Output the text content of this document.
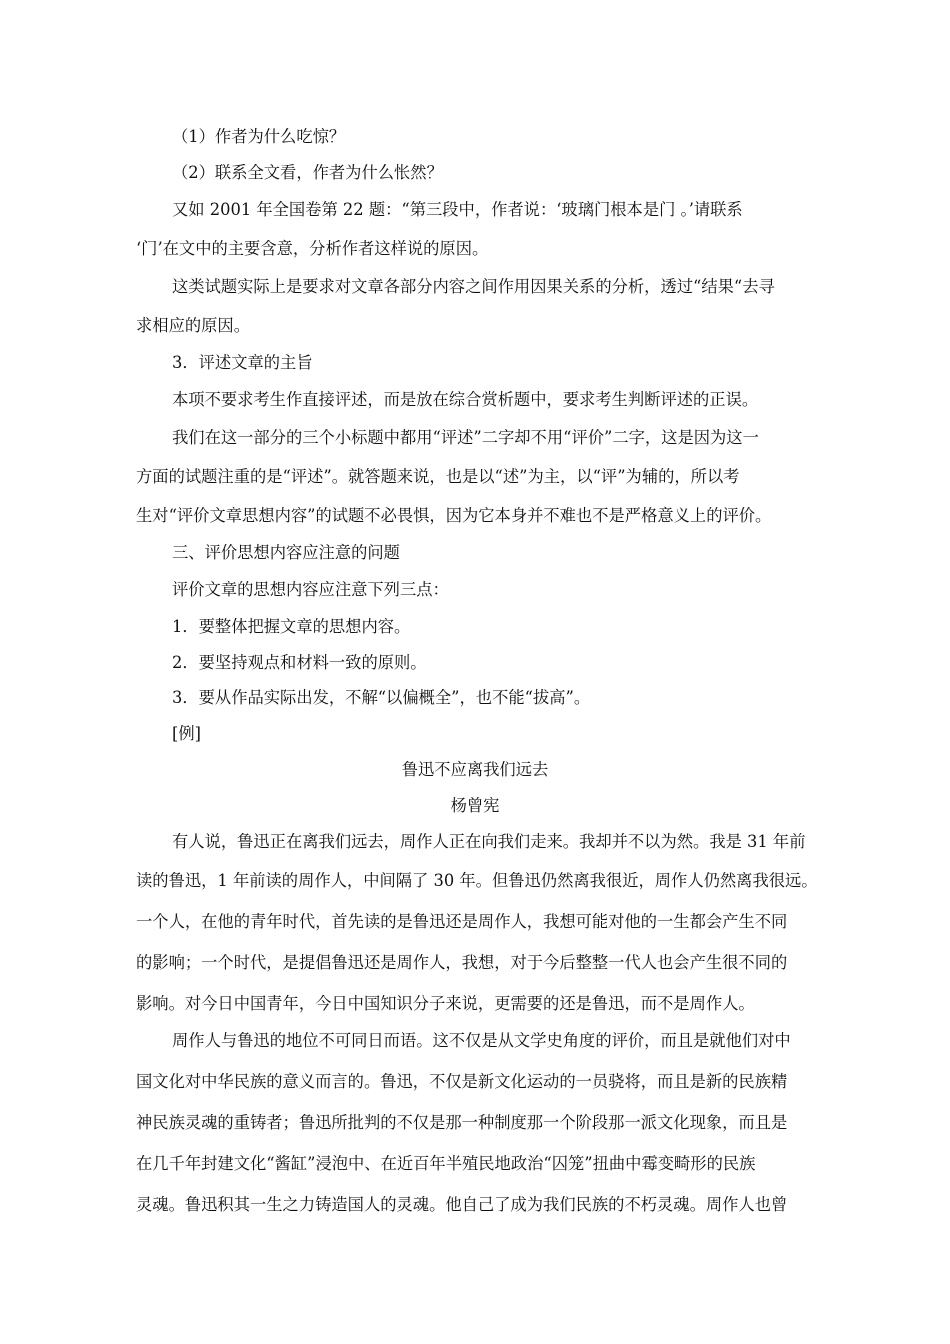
（1）作者为什么吃惊？
（2）联系全文看，作者为什么怅然？
又如 2001 年全国卷第 22 题：“第三段中，作者说：‘玻璃门根本是门 。’请联系
‘门’在文中的主要含意，分析作者这样说的原因。
这类试题实际上是要求对文章各部分内容之间作用因果关系的分析，透过“结果“去寻
求相应的原因。
3．评述文章的主旨
本项不要求考生作直接评述，而是放在综合赏析题中，要求考生判断评述的正误。
我们在这一部分的三个小标题中都用“评述”二字却不用“评价”二字，这是因为这一
方面的试题注重的是“评述”。就答题来说，也是以“述”为主，以“评”为辅的，所以考
生对“评价文章思想内容”的试题不必畏惧，因为它本身并不难也不是严格意义上的评价。
三、评价思想内容应注意的问题
评价文章的思想内容应注意下列三点：
1．要整体把握文章的思想内容。
2．要坚持观点和材料一致的原则。
3．要从作品实际出发，不解“以偏概全”，也不能“拔高”。
[例]
鲁迅不应离我们远去
杨曾宪
有人说，鲁迅正在离我们远去，周作人正在向我们走来。我却并不以为然。我是 31 年前
读的鲁迅，1 年前读的周作人，中间隔了 30 年。但鲁迅仍然离我很近，周作人仍然离我很远。
一个人，在他的青年时代，首先读的是鲁迅还是周作人，我想可能对他的一生都会产生不同
的影响；一个时代，是提倡鲁迅还是周作人，我想，对于今后整整一代人也会产生很不同的
影响。对今日中国青年，今日中国知识分子来说，更需要的还是鲁迅，而不是周作人。
周作人与鲁迅的地位不可同日而语。这不仅是从文学史角度的评价，而且是就他们对中
国文化对中华民族的意义而言的。鲁迅，不仅是新文化运动的一员骁将，而且是新的民族精
神民族灵魂的重铸者；鲁迅所批判的不仅是那一种制度那一个阶段那一派文化现象，而且是
在几千年封建文化“酱缸”浸泡中、在近百年半殖民地政治“囚笼”扭曲中霉变畸形的民族
灵魂。鲁迅积其一生之力铸造国人的灵魂。他自己了成为我们民族的不朽灵魂。周作人也曾
